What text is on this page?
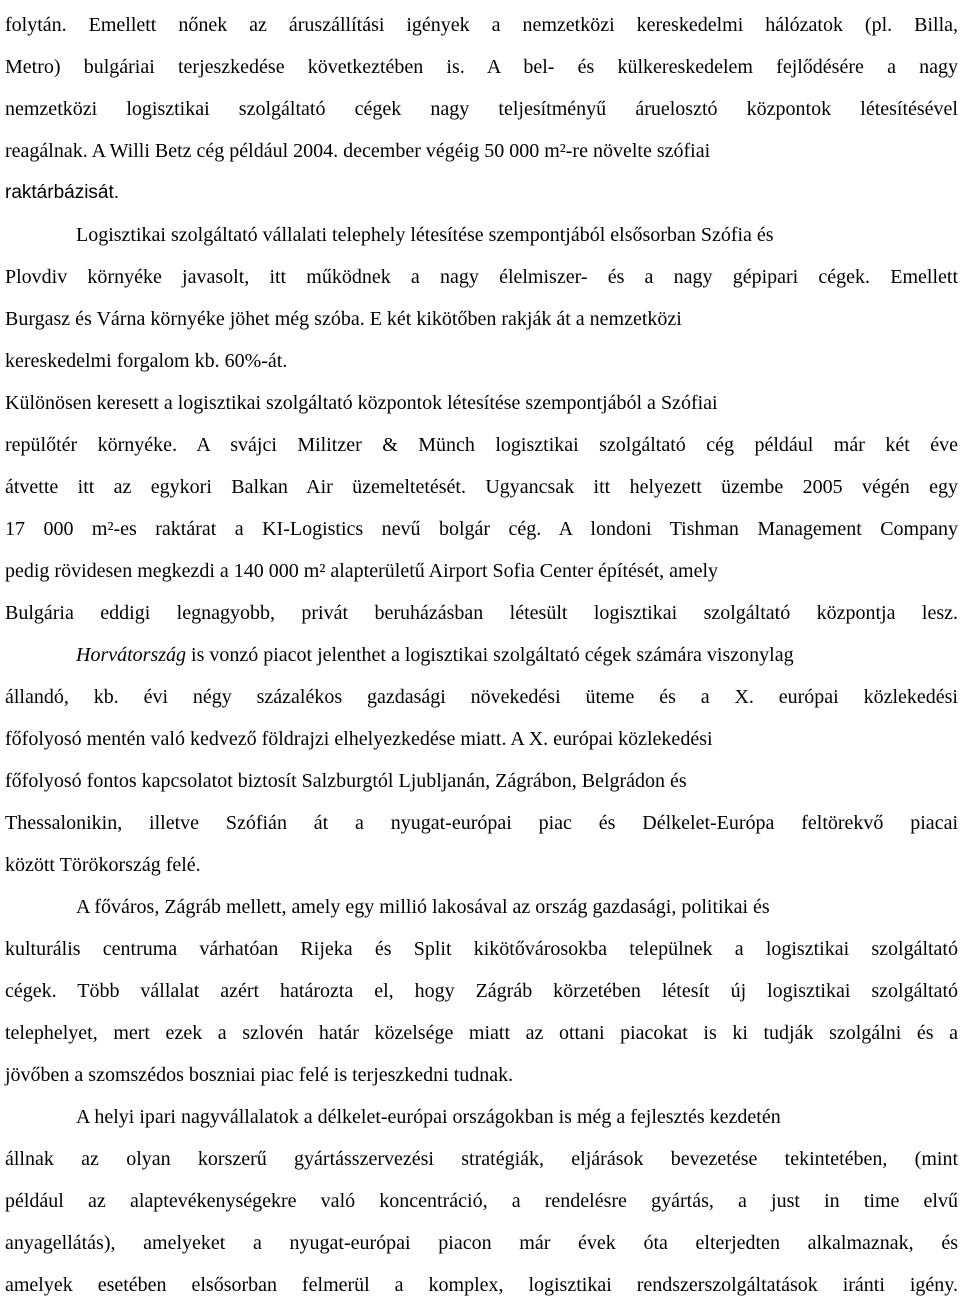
folytán. Emellett nőnek az áruszállítási igények a nemzetközi kereskedelmi hálózatok (pl. Billa,
Metro) bulgáriai terjeszkedése következtében is. A bel- és külkereskedelem fejlődésére a nagy
nemzetközi logisztikai szolgáltató cégek nagy teljesítményű áruelosztó központok létesítésével
reagálnak. A Willi Betz cég például 2004. december végéig 50 000 m²-re növelte szófiai
raktárbázisát.
Logisztikai szolgáltató vállalati telephely létesítése szempontjából elsősorban Szófia és
Plovdiv környéke javasolt, itt működnek a nagy élelmiszer- és a nagy gépipari cégek. Emellett
Burgasz és Várna környéke jöhet még szóba. E két kikötőben rakják át a nemzetközi
kereskedelmi forgalom kb. 60%-át.
Különösen keresett a logisztikai szolgáltató központok létesítése szempontjából a Szófiai
repülőtér környéke. A svájci Militzer & Münch logisztikai szolgáltató cég például már két éve
átvette itt az egykori Balkan Air üzemeltetését. Ugyancsak itt helyezett üzembe 2005 végén egy
17 000 m²-es raktárat a KI-Logistics nevű bolgár cég. A londoni Tishman Management Company
pedig rövidesen megkezdi a 140 000 m² alapterületű Airport Sofia Center építését, amely
Bulgária eddigi legnagyobb, privát beruházásban létesült logisztikai szolgáltató központja lesz.
Horvátország is vonzó piacot jelenthet a logisztikai szolgáltató cégek számára viszonylag
állandó, kb. évi négy százalékos gazdasági növekedési üteme és a X. európai közlekedési
főfolyosó mentén való kedvező földrajzi elhelyezkedése miatt. A X. európai közlekedési
főfolyosó fontos kapcsolatot biztosít Salzburgtól Ljubljanán, Zágrábon, Belgrádon és
Thessalonikin, illetve Szófián át a nyugat-európai piac és Délkelet-Európa feltörekvő piacai
között Törökország felé.
A főváros, Zágráb mellett, amely egy millió lakosával az ország gazdasági, politikai és
kulturális centruma várhatóan Rijeka és Split kikötővárosokba települnek a logisztikai szolgáltató
cégek. Több vállalat azért határozta el, hogy Zágráb körzetében létesít új logisztikai szolgáltató
telephelyet, mert ezek a szlovén határ közelsége miatt az ottani piacokat is ki tudják szolgálni és a
jövőben a szomszédos boszniai piac felé is terjeszkedni tudnak.
A helyi ipari nagyvállalatok a délkelet-európai országokban is még a fejlesztés kezdetén
állnak az olyan korszerű gyártásszervezési stratégiák, eljárások bevezetése tekintetében, (mint
például az alaptevékenységekre való koncentráció, a rendelésre gyártás, a just in time elvű
anyagellátás), amelyeket a nyugat-európai piacon már évek óta elterjedten alkalmaznak, és
amelyek esetében elsősorban felmerül a komplex, logisztikai rendszerszolgáltatások iránti igény.
